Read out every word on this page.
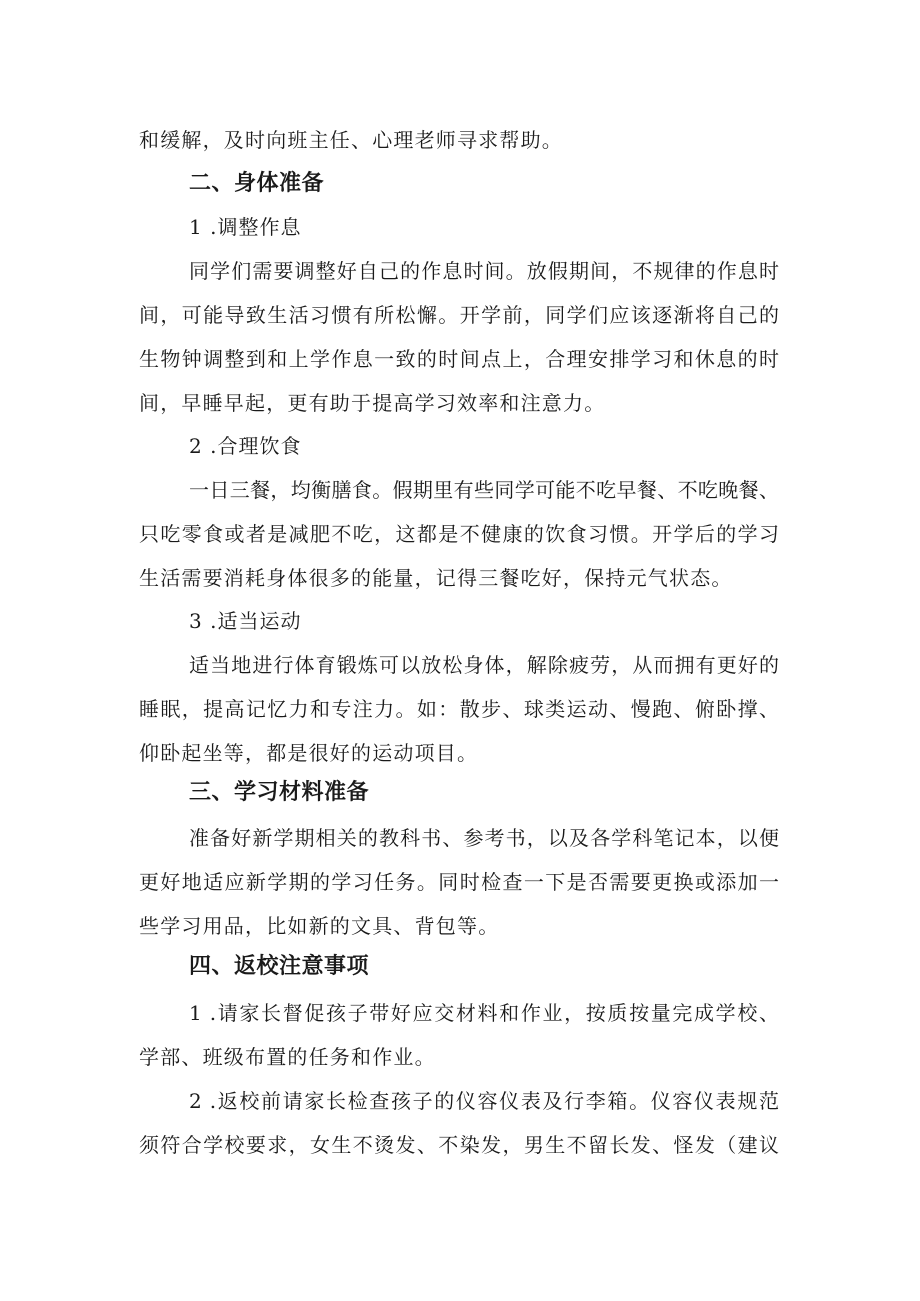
和缓解，及时向班主任、心理老师寻求帮助。
二、身体准备
1 .调整作息
同学们需要调整好自己的作息时间。放假期间，不规律的作息时
间，可能导致生活习惯有所松懈。开学前，同学们应该逐渐将自己的
生物钟调整到和上学作息一致的时间点上，合理安排学习和休息的时
间，早睡早起，更有助于提高学习效率和注意力。
2 .合理饮食
一日三餐，均衡膳食。假期里有些同学可能不吃早餐、不吃晚餐、
只吃零食或者是减肥不吃，这都是不健康的饮食习惯。开学后的学习
生活需要消耗身体很多的能量，记得三餐吃好，保持元气状态。
3 .适当运动
适当地进行体育锻炼可以放松身体，解除疲劳，从而拥有更好的
睡眠，提高记忆力和专注力。如：散步、球类运动、慢跑、俯卧撑、
仰卧起坐等，都是很好的运动项目。
三、学习材料准备
准备好新学期相关的教科书、参考书，以及各学科笔记本，以便
更好地适应新学期的学习任务。同时检查一下是否需要更换或添加一
些学习用品，比如新的文具、背包等。
四、返校注意事项
1 .请家长督促孩子带好应交材料和作业，按质按量完成学校、
学部、班级布置的任务和作业。
2 .返校前请家长检查孩子的仪容仪表及行李箱。仪容仪表规范
须符合学校要求，女生不烫发、不染发，男生不留长发、怪发（建议
